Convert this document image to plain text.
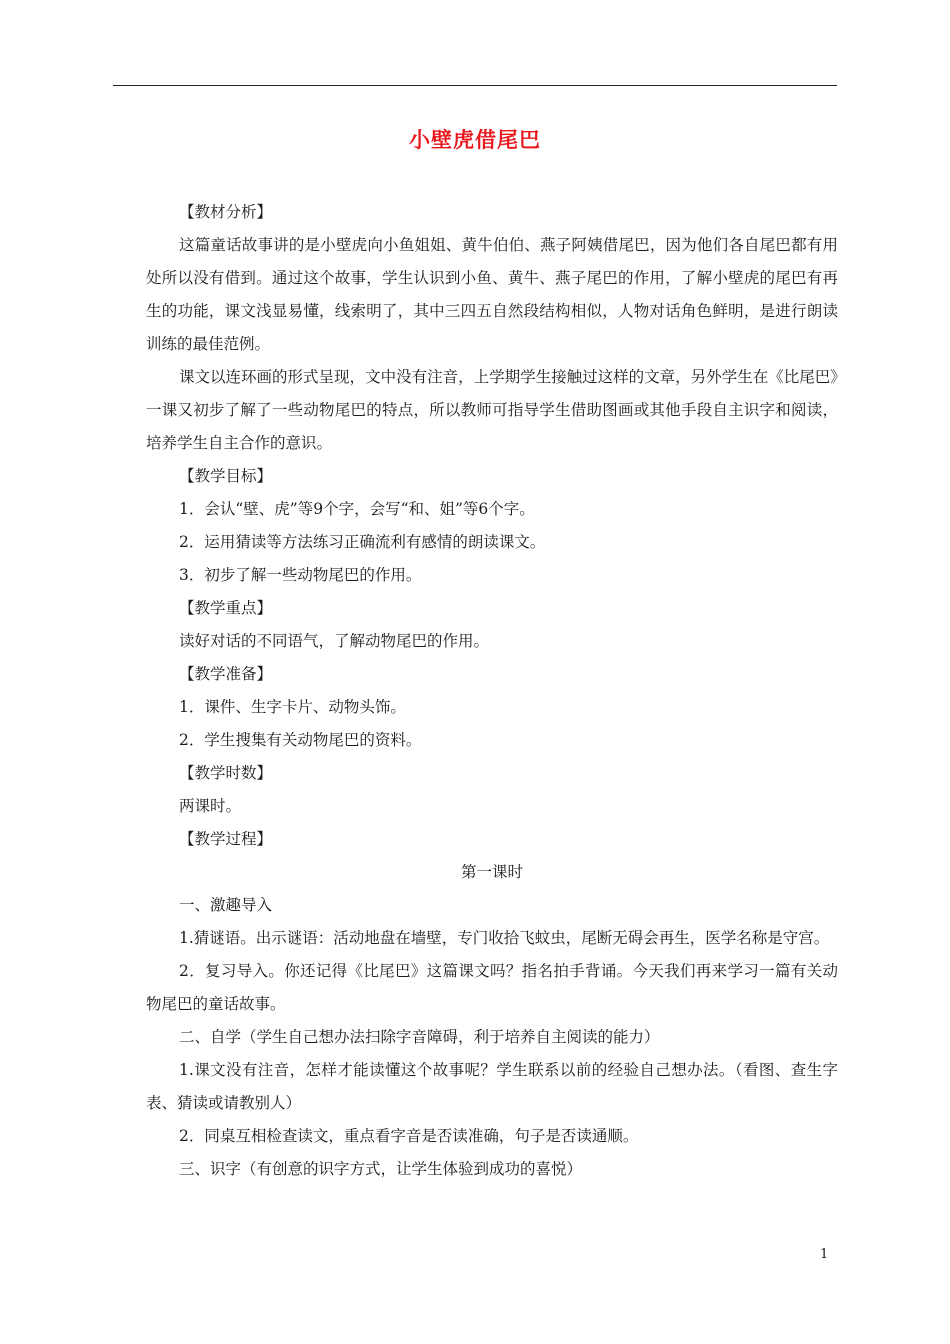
小壁虎借尾巴

【教材分析】

这篇童话故事讲的是小壁虎向小鱼姐姐、黄牛伯伯、燕子阿姨借尾巴，因为他们各自尾巴都有用处所以没有借到。通过这个故事，学生认识到小鱼、黄牛、燕子尾巴的作用，了解小壁虎的尾巴有再生的功能，课文浅显易懂，线索明了，其中三四五自然段结构相似，人物对话角色鲜明，是进行朗读训练的最佳范例。

课文以连环画的形式呈现，文中没有注音，上学期学生接触过这样的文章，另外学生在《比尾巴》一课又初步了解了一些动物尾巴的特点，所以教师可指导学生借助图画或其他手段自主识字和阅读，培养学生自主合作的意识。

【教学目标】

1．会认“壁、虎”等9个字，会写“和、姐”等6个字。

2．运用猜读等方法练习正确流利有感情的朗读课文。

3．初步了解一些动物尾巴的作用。

【教学重点】

读好对话的不同语气，了解动物尾巴的作用。

【教学准备】

1．课件、生字卡片、动物头饰。

2．学生搜集有关动物尾巴的资料。

【教学时数】

两课时。

【教学过程】

第一课时

一、激趣导入

1.猜谜语。出示谜语：活动地盘在墙壁，专门收拾飞蚊虫，尾断无碍会再生，医学名称是守宫。

2．复习导入。你还记得《比尾巴》这篇课文吗？指名拍手背诵。今天我们再来学习一篇有关动物尾巴的童话故事。

二、自学（学生自己想办法扫除字音障碍，利于培养自主阅读的能力）

1.课文没有注音，怎样才能读懂这个故事呢？学生联系以前的经验自己想办法。（看图、查生字表、猜读或请教别人）

2．同桌互相检查读文，重点看字音是否读准确，句子是否读通顺。

三、识字（有创意的识字方式，让学生体验到成功的喜悦）

1
